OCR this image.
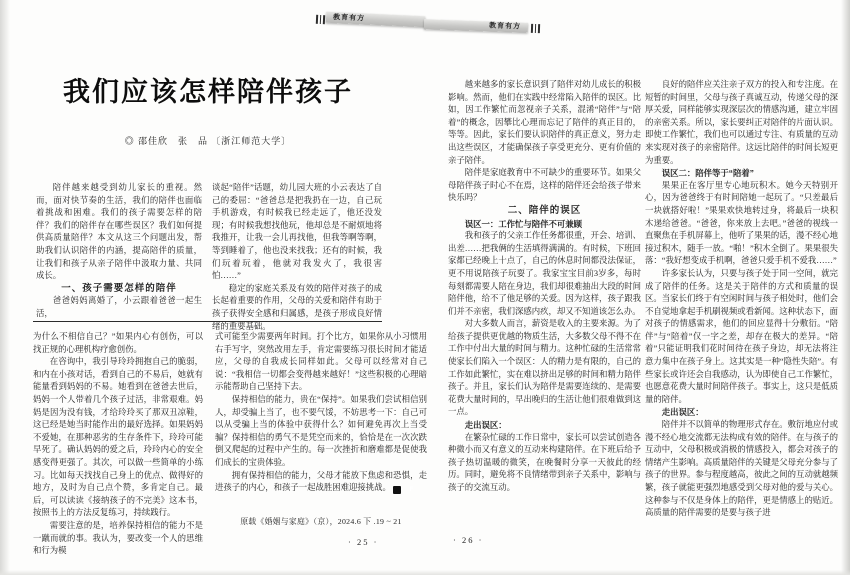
教育有方
教育有方
我们应该怎样陪伴孩子
◎ 邵佳欣　张　品 〔浙江师范大学〕

陪伴越来越受到幼儿家长的重视。然而，面对快节奏的生活，我们的陪伴也面临着挑战和困难。我们的孩子需要怎样的陪伴？我们的陪伴存在哪些误区？我们如何提供高质量陪伴？本文从这三个问题出发，帮助我们认识陪伴的内涵，提高陪伴的质量，让我们和孩子从亲子陪伴中汲取力量、共同成长。

一、孩子需要怎样的陪伴

爸爸妈妈离婚了，小云跟着爸爸一起生活，

谈起“陪伴”话题，幼儿园大班的小云表达了自己的委屈：“爸爸总是把我扔在一边，自己玩手机游戏，有时候我已经走远了，他还没发现；有时候我想找他玩，他却总是不耐烦地将我推开，让我一会儿再找他，但我等啊等啊，等到睡着了，他也没来找我；还有的时候，我们玩着玩着，他就对我发火了，我很害怕……”

稳定的家庭关系及有效的陪伴对孩子的成长起着重要的作用，父母的关爱和陪伴有助于孩子获得安全感和归属感，是孩子形成良好情绪的重要基础。

为什么不相信自己？”如果内心有创伤，可以找正规的心理机构疗愈创伤。

在咨询中，我引导玲玲拥抱自己的脆弱，和内在小孩对话，看到自己的不易后，她就有能量看到妈妈的不易。她看到在爸爸去世后，妈妈一个人带着几个孩子过活，非常艰难。妈妈是因为没有钱，才给玲玲买了那双丑凉鞋，这已经是她当时能作出的最好选择。如果妈妈不爱她，在那种恶劣的生存条件下，玲玲可能早死了。确认妈妈的爱之后，玲玲内心的安全感变得更强了。其次，可以做一些简单的小练习。比如每天找找自己身上的优点、做得好的地方，及时为自己点个赞，多肯定自己。最后，可以读读《接纳孩子的不完美》这本书，按照书上的方法反复练习，持续践行。

需要注意的是，培养保持相信的能力不是一蹴而就的事。我认为，要改变一个人的思维和行为模

式可能至少需要两年时间。打个比方，如果你从小习惯用右手写字，突然改用左手，肯定需要练习很长时间才能适应，父母的自我成长同样如此。父母可以经常对自己说：“我相信一切都会变得越来越好！”这些积极的心理暗示能帮助自己坚持下去。

保持相信的能力，贵在“保持”。如果我们尝试相信别人，却受骗上当了，也不要气馁，不妨思考一下：自己可以从受骗上当的体验中获得什么？如何避免再次上当受骗？保持相信的勇气不是凭空而来的，恰恰是在一次次跌倒又爬起的过程中产生的。每一次挫折和磨难都是促使我们成长的宝贵体验。

拥有保持相信的能力，父母才能放下焦虑和恐惧，走进孩子的内心，和孩子一起战胜困难迎接挑战。	F

原载《婚姻与家庭》（京），2024.6 下 .19 ~ 21
· 25 ·

越来越多的家长意识到了陪伴对幼儿成长的积极影响。然而，他们在实践中经常陷入陪伴的误区。比如，因工作繁忙而忽视亲子关系，混淆“陪伴”与“陪着”的概念，因攀比心理而忘记了陪伴的真正目的，等等。因此，家长们要认识陪伴的真正意义，努力走出这些误区，才能确保孩子享受更充分、更有价值的亲子陪伴。

陪伴是家庭教育中不可缺少的重要环节。如果父母陪伴孩子时心不在焉，这样的陪伴还会给孩子带来快乐吗？

二、陪伴的误区

误区一：工作忙与陪伴不可兼顾

我和孩子的父亲工作任务都很重，开会、培训、出差……把我俩的生活填得满满的。有时候，下班回家都已经晚上十点了，自己的休息时间都没法保证，更不用说陪孩子玩耍了。我家宝宝目前3岁多，每时每刻都需要人陪在身边，我们却很难抽出大段的时间陪伴他，给不了他足够的关爱。因为这样，孩子跟我们并不亲密，我们深感内疚，却又不知道该怎么办。

对大多数人而言，薪资是收入的主要来源。为了给孩子提供更优越的物质生活，大多数父母不得不在工作中付出大量的时间与精力。这种忙碌的生活常常使家长们陷入一个误区：人的精力是有限的，自己的工作如此繁忙，实在难以挤出足够的时间和精力陪伴孩子。并且，家长们认为陪伴是需要连续的、是需要花费大量时间的，早出晚归的生活让他们很难做到这一点。

走出误区：

在繁杂忙碌的工作日常中，家长可以尝试创造各种微小而又有意义的互动来构建陪伴。在下班后给予孩子热切温暖的微笑，在晚餐时分享一天彼此的经历。同时，避免将不良情绪带到亲子关系中，影响与孩子的交流互动。

良好的陪伴应关注亲子双方的投入和专注度。在短暂的时间里，父母与孩子真诚互动，传递父母的深厚关爱，同样能够实现深层次的情感沟通，建立牢固的亲密关系。所以，家长要纠正对陪伴的片面认识。即使工作繁忙，我们也可以通过专注、有质量的互动来实现对孩子的亲密陪伴。这远比陪伴的时间长短更为重要。

误区二：陪伴等于“陪着”

果果正在客厅里专心地玩积木。她今天特别开心，因为爸爸终于有时间陪她一起玩了。“只差最后一块就搭好啦！”果果欢快地转过身，将最后一块积木递给爸爸。“爸爸，你来放上去吧。”爸爸的视线一直聚焦在手机屏幕上，他听了果果的话，漫不经心地接过积木，随手一放。“啪！”积木全倒了。果果很失落：“我好想变成手机啊，爸爸只爱手机不爱我……”

许多家长认为，只要与孩子处于同一空间，就完成了陪伴的任务。这是关于陪伴的方式和质量的误区。当家长们终于有空闲时间与孩子相处时，他们会不自觉地拿起手机刷视频或看新闻。这种状态下，面对孩子的情感需求，他们的回应显得十分敷衍。“陪伴”与“陪着”仅一字之差，却存在极大的差异。“陪着”只能证明我们花时间待在孩子身边，却无法将注意力集中在孩子身上。这其实是一种“隐性失陪”。有些家长或许还会自我感动，认为即使自己工作繁忙，也愿意花费大量时间陪伴孩子。事实上，这只是低质量的陪伴。

走出误区：

陪伴并不以简单的物理形式存在。敷衍地应付或漫不经心地交流都无法构成有效的陪伴。在与孩子的互动中，父母积极或消极的情感投入，都会对孩子的情绪产生影响。高质量陪伴的关键是父母充分参与了孩子的世界。参与程度越高，彼此之间的互动就越频繁，孩子就能更强烈地感受到父母对他的爱与关心。这种参与不仅是身体上的陪伴，更是情感上的贴近。高质量的陪伴需要的是要与孩子进

· 26 ·
